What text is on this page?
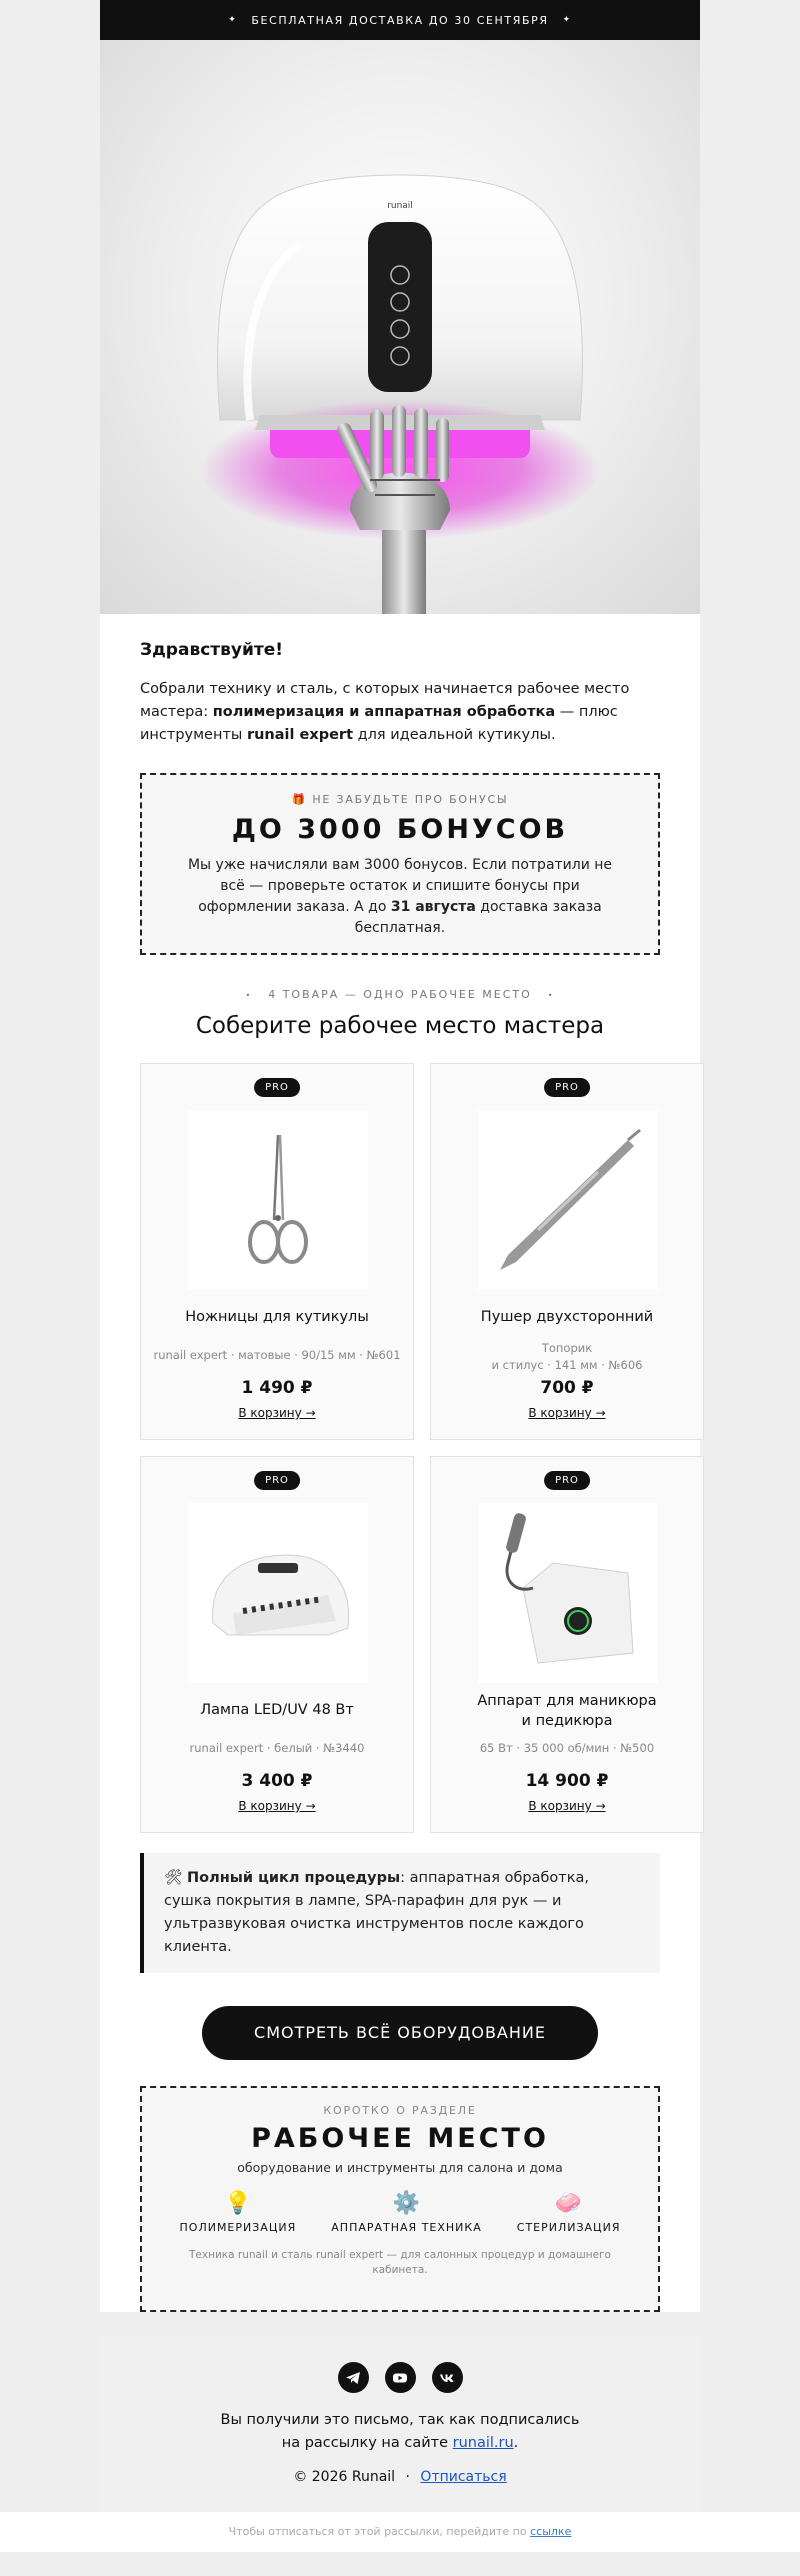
✦ БЕСПЛАТНАЯ ДОСТАВКА ДО 30 СЕНТЯБРЯ ✦
runail
Здравствуйте!

Собрали технику и сталь, с которых начинается рабочее место мастера: полимеризация и аппаратная обработка — плюс инструменты runail expert для идеальной кутикулы.

🎁 НЕ ЗАБУДЬТЕ ПРО БОНУСЫ
ДО 3000 БОНУСОВ

Мы уже начисляли вам 3000 бонусов. Если потратили не всё — проверьте остаток и спишите бонусы при оформлении заказа. А до 31 августа доставка заказа бесплатная.

• 4 ТОВАРА — ОДНО РАБОЧЕЕ МЕСТО •
Соберите рабочее место мастера
PRO
Ножницы для кутикулы
runail expert · матовые · 90/15 мм · №601
1 490 ₽
В корзину →
PRO
Пушер двухсторонний
Топорик
и стилус · 141 мм · №606
700 ₽
В корзину →
PRO
Лампа LED/UV 48 Вт
runail expert · белый · №3440
3 400 ₽
В корзину →
PRO
Аппарат для маникюра
и педикюра
65 Вт · 35 000 об/мин · №500
14 900 ₽
В корзину →
🛠 Полный цикл процедуры: аппаратная обработка, сушка покрытия в лампе, SPA-парафин для рук — и ультразвуковая очистка инструментов после каждого клиента.
СМОТРЕТЬ ВСЁ ОБОРУДОВАНИЕ
КОРОТКО О РАЗДЕЛЕ
РАБОЧЕЕ МЕСТО
оборудование и инструменты для салона и дома
💡
ПОЛИМЕРИЗАЦИЯ
⚙️
АППАРАТНАЯ ТЕХНИКА
🧼
СТЕРИЛИЗАЦИЯ
Техника runail и сталь runail expert — для салонных процедур и домашнего кабинета.

Вы получили это письмо, так как подписались
на рассылку на сайте runail.ru.

© 2026 Runail · Отписаться

Чтобы отписаться от этой рассылки, перейдите по ссылке
